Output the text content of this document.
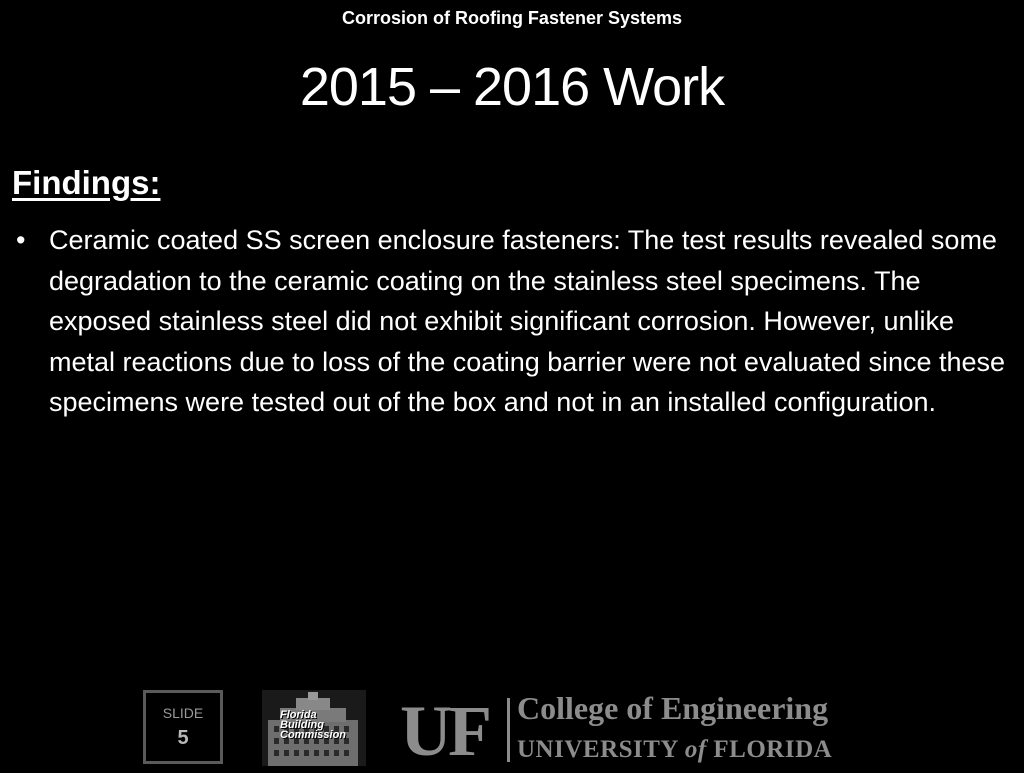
Corrosion of Roofing Fastener Systems
2015 – 2016 Work
Findings:
• Ceramic coated SS screen enclosure fasteners: The test results revealed some degradation to the ceramic coating on the stainless steel specimens. The exposed stainless steel did not exhibit significant corrosion. However, unlike metal reactions due to loss of the coating barrier were not evaluated since these specimens were tested out of the box and not in an installed configuration.
SLIDE
5
Florida
Building
Commission UF College of Engineering
UNIVERSITY of FLORIDA
